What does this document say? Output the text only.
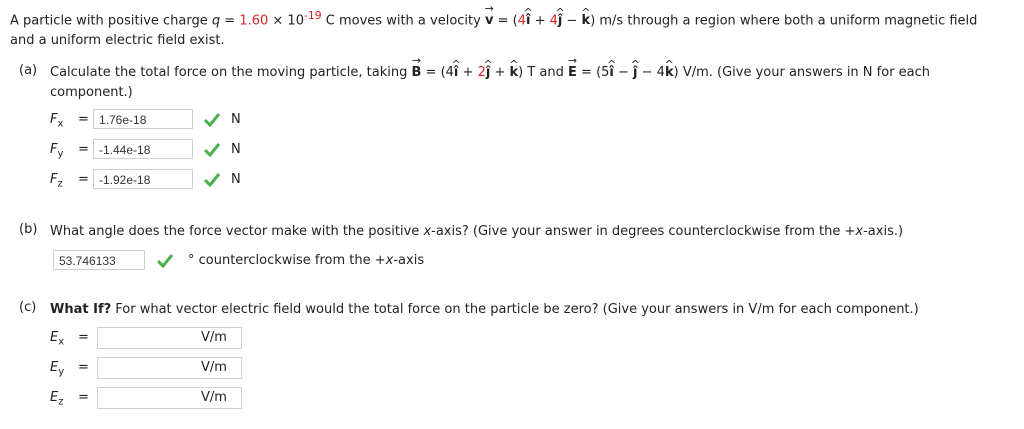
A particle with positive charge $q = 1.60 \times 10^{-19}$ C moves with a velocity → v = (4^ î + 4^ ĵ − ^ k) m/s through a region where both a uniform magnetic field
and a uniform electric field exist.
(a) Calculate the total force on the moving particle, taking → B = (4^ î + 2^ ĵ + ^ k) T and → E = (5^ î − ^ ĵ − 4^ k) V/m. (Give your answers in N for each
component.)
$F_x$	= 1.76e-18	N
$F_y$	= -1.44e-18	N
$F_z$	= -1.92e-18	N
(b) What angle does the force vector make with the positive x-axis? (Give your answer in degrees counterclockwise from the +x-axis.)
53.746133	° counterclockwise from the +x-axis
(c) What If? For what vector electric field would the total force on the particle be zero? (Give your answers in V/m for each component.)
$E_x$	=	V/m
$E_y$	=	V/m
$E_z$	=	V/m
